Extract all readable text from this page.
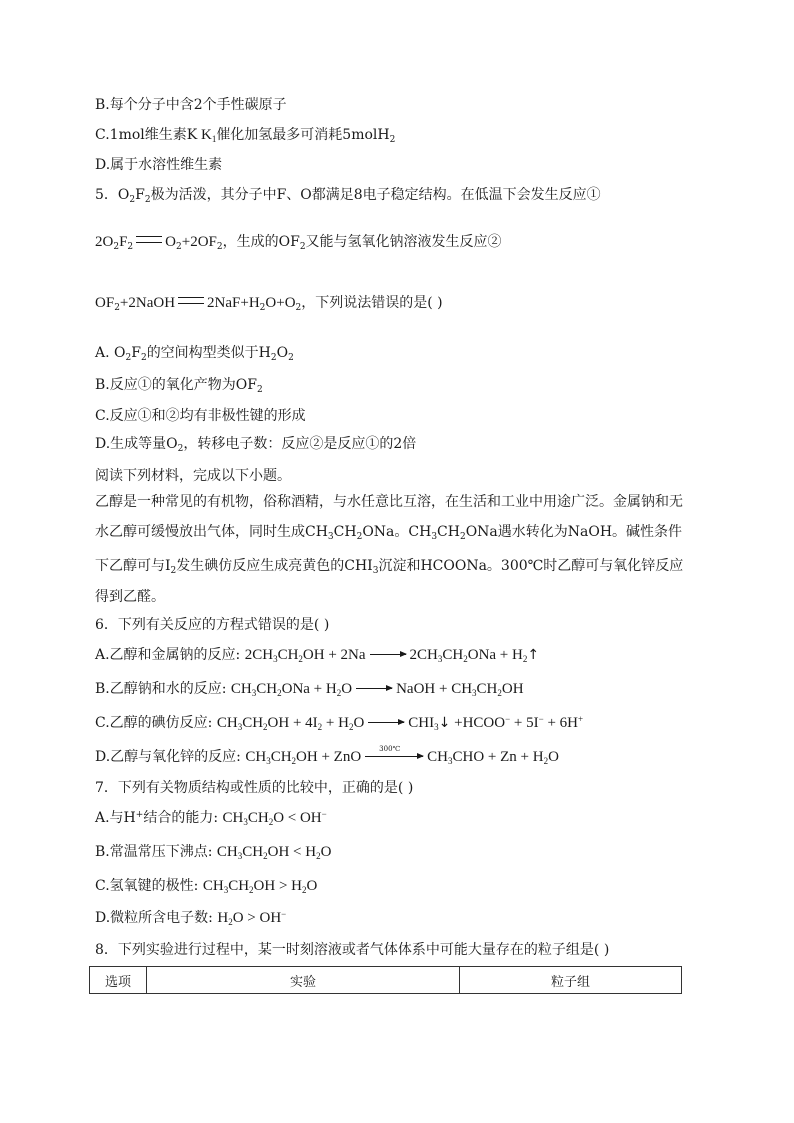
B.每个分子中含2个手性碳原子
C.1mol维生素K $K_1$催化加氢最多可消耗5molH$_2$
D.属于水溶性维生素
5．$O_2F_2$极为活泼，其分子中F、O都满足8电子稳定结构。在低温下会发生反应①
$2O_2F_2$ $O_2+2OF_2$，生成的$OF_2$又能与氢氧化钠溶液发生反应②
$OF_2+2NaOH$ $2NaF+H_2O+O_2$，下列说法错误的是( )
A. $O_2F_2$的空间构型类似于$H_2O_2$
B.反应①的氧化产物为$OF_2$
C.反应①和②均有非极性键的形成
D.生成等量$O_2$，转移电子数：反应②是反应①的2倍
阅读下列材料，完成以下小题。
乙醇是一种常见的有机物，俗称酒精，与水任意比互溶，在生活和工业中用途广泛。金属钠和无
水乙醇可缓慢放出气体，同时生成$CH_3CH_2ONa$。$CH_3CH_2ONa$遇水转化为NaOH。碱性条件
下乙醇可与$I_2$发生碘仿反应生成亮黄色的$CHI_3$沉淀和HCOONa。300℃时乙醇可与氧化锌反应
得到乙醛。
6．下列有关反应的方程式错误的是( )
A.乙醇和金属钠的反应: $2CH_3CH_2OH + 2Na$	$2CH_3CH_2ONa$ + $H_2↑$
B.乙醇钠和水的反应: $CH_3CH_2ONa + H_2O$	NaOH + $CH_3CH_2OH$
C.乙醇的碘仿反应: $CH_3CH_2OH + 4I_2 + H_2O$	$CHI_3↓$ +HCOO− + 5I− + 6H+
D.乙醇与氧化锌的反应: $CH_3CH_2OH$ + ZnO	300℃ $CH_3CHO + Zn + H_2O$
7．下列有关物质结构或性质的比较中，正确的是( )
A.与H+结合的能力: $CH_3CH_2O < OH^-$
B.常温常压下沸点: $CH_3CH_2OH < H_2O$
C.氢氧键的极性: $CH_3CH_2OH > H_2O$
D.微粒所含电子数: $H_2O > OH^-$
8．下列实验进行过程中，某一时刻溶液或者气体体系中可能大量存在的粒子组是( )
选项	实验	粒子组
